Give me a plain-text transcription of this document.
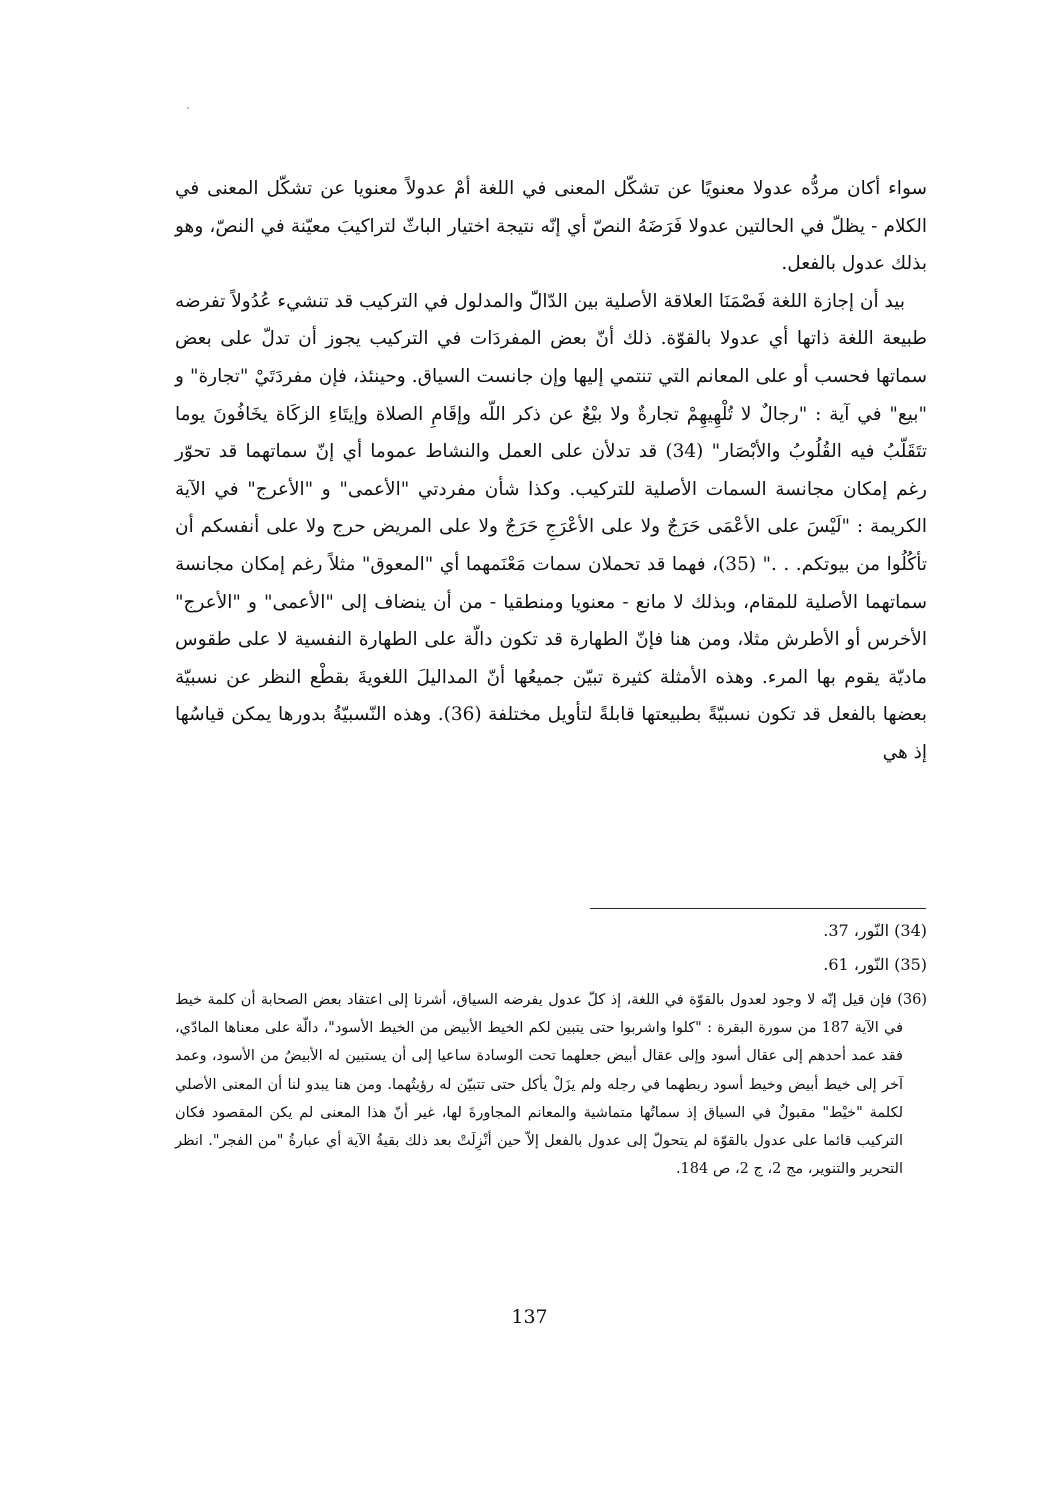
سواء أكان مردُّه عدولا معنويًا عن تشكّل المعنى في اللغة أمْ عدولاً معنويا عن تشكّل المعنى في الكلام - يظلّ في الحالتين عدولا فَرَضَهُ النصّ أي إنّه نتيجة اختيار الباثّ لتراكيبَ معيّنة في النصّ، وهو بذلك عدول بالفعل.

بيد أن إجازة اللغة فَصْمَنَا العلاقة الأصلية بين الدّالّ والمدلول في التركيب قد تنشيء عُدُولاً تفرضه طبيعة اللغة ذاتها أي عدولا بالقوّة. ذلك أنّ بعض المفردَات في التركيب يجوز أن تدلّ على بعض سماتها فحسب أو على المعانم التي تنتمي إليها وإن جانست السياق. وحينئذ، فإن مفردَتَيْ "تجارة" و "بيع" في آية : "رجالٌ لا تُلْهِيهِمْ تجارةٌ ولا بيْعٌ عن ذكر اللّه وإقَامِ الصلاة وإيتَاءِ الزكَاة يخَافُونَ يوما تتَقَلّبُ فيه القُلُوبُ والأبْصَار" (34) قد تدلأن على العمل والنشاط عموما أي إنّ سماتهما قد تحوّر رغم إمكان مجانسة السمات الأصلية للتركيب. وكذا شأن مفردتي "الأعمى" و "الأعرج" في الآية الكريمة : "لَيْسَ على الأعْمَى حَرَجٌ ولا على الأعْرَجِ حَرَجٌ ولا على المريض حرج ولا على أنفسكم أن تأكُلُوا من بيوتكم. . ." (35)، فهما قد تحملان سمات مَعْنَمهما أي "المعوق" مثلاً رغم إمكان مجانسة سماتهما الأصلية للمقام، وبذلك لا مانع - معنويا ومنطقيا - من أن ينضاف إلى "الأعمى" و "الأعرج" الأخرس أو الأطرش مثلا، ومن هنا فإنّ الطهارة قد تكون دالّة على الطهارة النفسية لا على طقوس ماديّة يقوم بها المرء. وهذه الأمثلة كثيرة تبيّن جميعُها أنّ المداليلَ اللغويةَ بقطْع النظر عن نسبيّة بعضها بالفعل قد تكون نسبيّةً بطبيعتها قابلةً لتأويل مختلفة (36). وهذه النّسبيّةُ بدورها يمكن قياسُها إذ هي

(34) النّور، 37.

(35) النّور، 61.

(36) فإن قيل إنّه لا وجود لعدول بالقوّة في اللغة، إذ كلّ عدول يفرضه السياق، أشرنا إلى اعتقاد بعض الصحابة أن كلمة خيط في الآية 187 من سورة البقرة : "كلوا واشربوا حتى يتبين لكم الخيط الأبيض من الخيط الأسود"، دالّة على معناها المادّي، فقد عمد أحدهم إلى عقال أسود وإلى عقال أبيض جعلهما تحت الوسادة ساعيا إلى أن يستبين له الأبيضُ من الأسود، وعمد آخر إلى خيط أبيض وخيط أسود ربطهما في رجله ولم يزَلْ يأكل حتى تتبيّن له رؤيتُهما. ومن هنا يبدو لنا أن المعنى الأصلي لكلمة "خيْط" مقبولٌ في السياق إذ سماتُها متماشية والمعانم المجاورةَ لها، غير أنّ هذا المعنى لم يكن المقصود فكان التركيب قائما على عدول بالقوّة لم يتحولّ إلى عدول بالفعل إلاّ حين أنْزِلَتْ بعد ذلك بقيةُ الآية أي عبارةُ "من الفجر". انظر التحرير والتنوير، مج 2، ج 2، ص 184.

137
